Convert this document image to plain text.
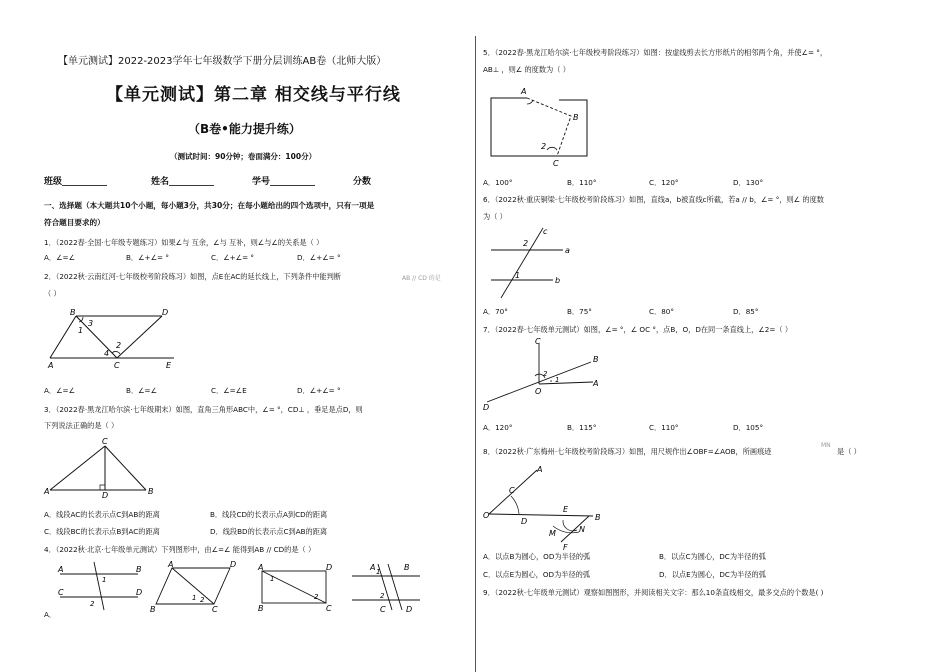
【单元测试】2022-2023学年七年级数学下册分层训练AB卷（北师大版）
【单元测试】第二章 相交线与平行线
（B卷•能力提升练）
（测试时间：90分钟；卷面满分：100分）
班级__________	姓名__________	学号__________	分数
一、选择题（本大题共10个小题，每小题3分，共30分；在每小题给出的四个选项中，只有一项是
符合题目要求的）
1．（2022春·全国·七年级专题练习）如果∠与 互余，∠与 互补，则∠与∠的关系是（ ）
A．∠=∠	B．∠+∠= °	C．∠+∠= °	D．∠+∠= °
2．（2022秋·云南红河·七年级校考阶段练习）如图，点E在AC的延长线上，下列条件中能判断	AB // CD 的是
（ ）
B
3
D
1
2
4
A	C	E
A．∠=∠	B．∠=∠	C．∠=∠E	D．∠+∠= °
3．（2022春·黑龙江哈尔滨·七年级期末）如图，直角三角形ABC中，∠= °，CD⊥ ，垂足是点D，则
下列说法正确的是（ ）
C
A	D	B
A．线段AC的长表示点C到AB的距离	B．线段CD的长表示点A到CD的距离
C．线段BC的长表示点B到AC的距离	D．线段BD的长表示点C到AB的距离
4．（2022秋·北京·七年级单元测试）下列图形中，由∠=∠ 能得到AB // CD的是（ ）
A	B
1
C	D
2
A	D
1 2
B	C
A	D
1
2
B	C
1
2
A	B
C	D
A．
5．（2022春·黑龙江哈尔滨·七年级校考阶段练习）如图：按虚线剪去长方形纸片的相邻两个角，并使∠= °，
AB⊥ ，则∠ 的度数为（ ）
A
B
2
C
A．100°	B．110°	C．120°	D．130°
6．（2022秋·重庆铜梁·七年级校考阶段练习）如图，直线a，b被直线c所截，若a // b，∠= °，则∠ 的度数
为（ ）
c
2
a
1
b
A．70°	B．75°	C．80°	D．85°
7．（2022春·七年级单元测试）如图，∠= °，∠ OC °，点B，O，D在同一条直线上，∠2=（ ）
C
B
A
1
2
O
D
A．120°	B．115°	C．110°	D．105°
8．（2022秋·广东梅州·七年级校考阶段练习）如图，用尺规作出∠OBF=∠AOB，所画痕迹
MN
是（ ）
A
C
O
E
D	B
M	N
F
A．以点B为圆心，OD为半径的弧	B．以点C为圆心，DC为半径的弧
C．以点E为圆心，OD为半径的弧	D．以点E为圆心，DC为半径的弧
9．（2022秋·七年级单元测试）观察如图图形，并阅读相关文字：那么10条直线相交，最多交点的个数是( )
